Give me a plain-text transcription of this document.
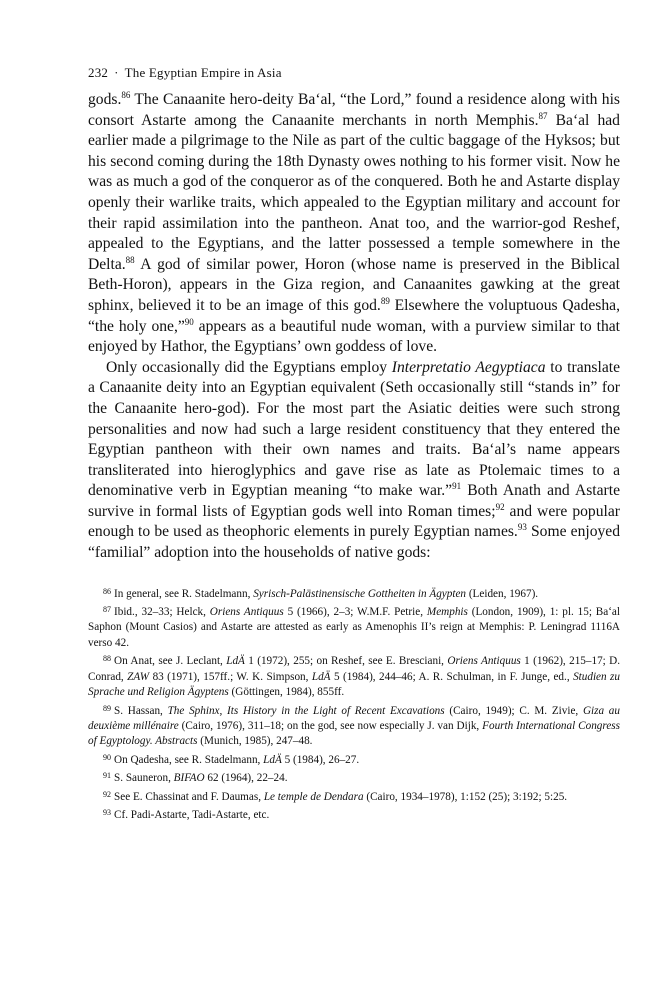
232 · The Egyptian Empire in Asia

gods.$^{86}$ The Canaanite hero-deity Ba‘al, “the Lord,” found a residence along with his consort Astarte among the Canaanite merchants in north Memphis.$^{87}$ Ba‘al had earlier made a pilgrimage to the Nile as part of the cultic baggage of the Hyksos; but his second coming during the 18th Dynasty owes nothing to his former visit. Now he was as much a god of the conqueror as of the conquered. Both he and Astarte display openly their warlike traits, which appealed to the Egyptian military and account for their rapid assimilation into the pantheon. Anat too, and the warrior-god Reshef, appealed to the Egyptians, and the latter possessed a temple somewhere in the Delta.$^{88}$ A god of similar power, Horon (whose name is preserved in the Biblical Beth-Horon), appears in the Giza region, and Canaanites gawking at the great sphinx, believed it to be an image of this god.$^{89}$ Elsewhere the voluptuous Qadesha, “the holy one,”$^{90}$ appears as a beautiful nude woman, with a purview similar to that enjoyed by Hathor, the Egyptians’ own goddess of love.

Only occasionally did the Egyptians employ Interpretatio Aegyptiaca to translate a Canaanite deity into an Egyptian equivalent (Seth occasionally still “stands in” for the Canaanite hero-god). For the most part the Asiatic deities were such strong personalities and now had such a large resident constituency that they entered the Egyptian pantheon with their own names and traits. Ba‘al’s name appears transliterated into hieroglyphics and gave rise as late as Ptolemaic times to a denominative verb in Egyptian meaning “to make war.”$^{91}$ Both Anath and Astarte survive in formal lists of Egyptian gods well into Roman times;$^{92}$ and were popular enough to be used as theophoric elements in purely Egyptian names.$^{93}$ Some enjoyed “familial” adoption into the households of native gods:

$^{86}$ In general, see R. Stadelmann, Syrisch-Palästinensische Gottheiten in Ägypten (Leiden, 1967).
$^{87}$ Ibid., 32–33; Helck, Oriens Antiquus 5 (1966), 2–3; W.M.F. Petrie, Memphis (London, 1909), 1: pl. 15; Ba‘al Saphon (Mount Casios) and Astarte are attested as early as Amenophis II’s reign at Memphis: P. Leningrad 1116A verso 42.
$^{88}$ On Anat, see J. Leclant, LdÄ 1 (1972), 255; on Reshef, see E. Bresciani, Oriens Antiquus 1 (1962), 215–17; D. Conrad, ZAW 83 (1971), 157ff.; W. K. Simpson, LdÄ 5 (1984), 244–46; A. R. Schulman, in F. Junge, ed., Studien zu Sprache und Religion Ägyptens (Göttingen, 1984), 855ff.
$^{89}$ S. Hassan, The Sphinx, Its History in the Light of Recent Excavations (Cairo, 1949); C. M. Zivie, Giza au deuxième millénaire (Cairo, 1976), 311–18; on the god, see now especially J. van Dijk, Fourth International Congress of Egyptology. Abstracts (Munich, 1985), 247–48.
$^{90}$ On Qadesha, see R. Stadelmann, LdÄ 5 (1984), 26–27.
$^{91}$ S. Sauneron, BIFAO 62 (1964), 22–24.
$^{92}$ See E. Chassinat and F. Daumas, Le temple de Dendara (Cairo, 1934–1978), 1:152 (25); 3:192; 5:25.
$^{93}$ Cf. Padi-Astarte, Tadi-Astarte, etc.
